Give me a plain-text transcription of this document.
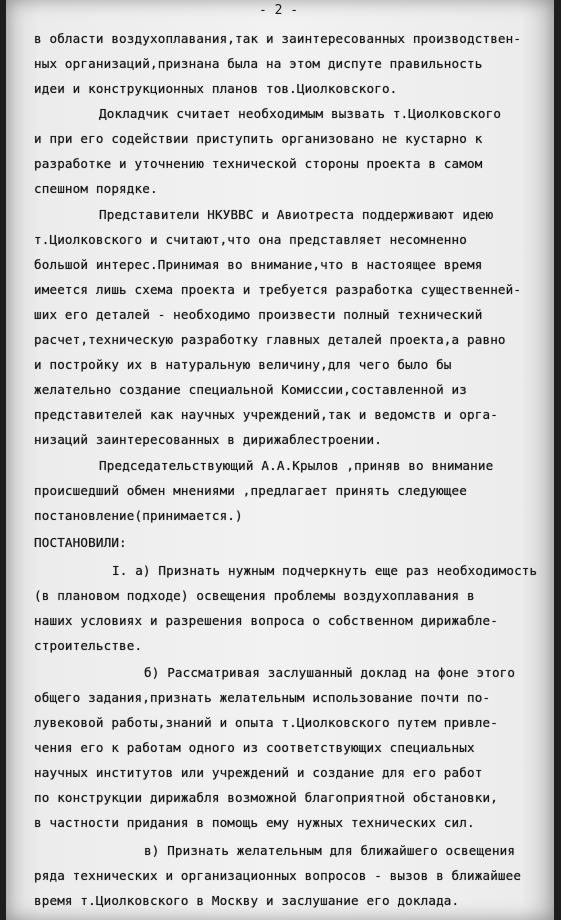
- 2 -

в области воздухоплавания,так и заинтересованных производствен-

ных организаций,признана была на этом диспуте правильность

идеи и конструкционных планов тов.Циолковского.

Докладчик считает необходимым вызвать т.Циолковского

и при его содействии приступить организовано не кустарно к

разработке и уточнению технической стороны проекта в самом

спешном порядке.

Представители НКУВВС и Авиотреста поддерживают идею

т.Циолковского и считают,что она представляет несомненно

большой интерес.Принимая во внимание,что в настоящее время

имеется лишь схема проекта и требуется разработка существенней-

ших его деталей - необходимо произвести полный технический

расчет,техническую разработку главных деталей проекта,а равно

и постройку их в натуральную величину,для чего было бы

желательно создание специальной Комиссии,составленной из

представителей как научных учреждений,так и ведомств и орга-

низаций заинтересованных в дирижаблестроении.

Председательствующий А.А.Крылов ,приняв во внимание

происшедший обмен мнениями ,предлагает принять следующее

постановление(принимается.)

ПОСТАНОВИЛИ:

I. а) Признать нужным подчеркнуть еще раз необходимость

(в плановом подходе) освещения проблемы воздухоплавания в

наших условиях и разрешения вопроса о собственном дирижабле-

строительстве.

б) Рассматривая заслушанный доклад на фоне этого

общего задания,признать желательным использование почти по-

лувековой работы,знаний и опыта т.Циолковского путем привле-

чения его к работам одного из соответствующих специальных

научных институтов или учреждений и создание для его работ

по конструкции дирижабля возможной благоприятной обстановки,

в частности придания в помощь ему нужных технических сил.

в) Признать желательным для ближайшего освещения

ряда технических и организационных вопросов - вызов в ближайшее

время т.Циолковского в Москву и заслушание его доклада.
